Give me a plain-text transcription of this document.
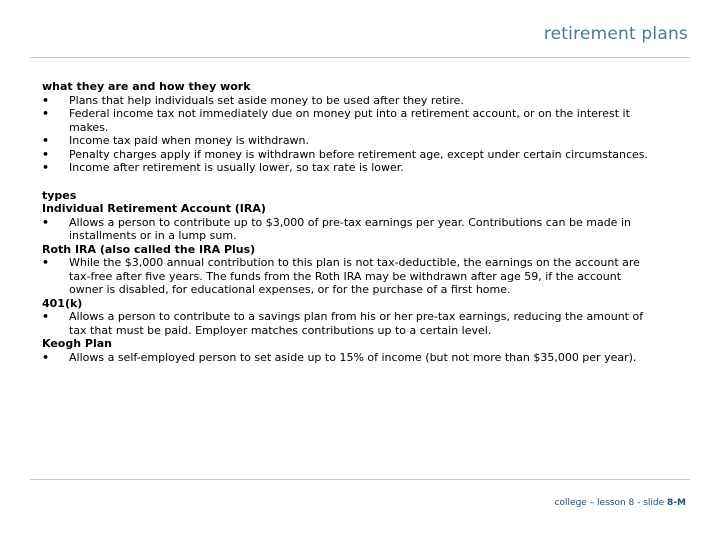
retirement plans

what they are and how they work

• Plans that help individuals set aside money to be used after they retire.
• Federal income tax not immediately due on money put into a retirement account, or on the interest it makes.
• Income tax paid when money is withdrawn.
• Penalty charges apply if money is withdrawn before retirement age, except under certain circumstances.
• Income after retirement is usually lower, so tax rate is lower.

types

Individual Retirement Account (IRA)

• Allows a person to contribute up to $3,000 of pre-tax earnings per year. Contributions can be made in installments or in a lump sum.

Roth IRA (also called the IRA Plus)

• While the $3,000 annual contribution to this plan is not tax-deductible, the earnings on the account are tax-free after five years. The funds from the Roth IRA may be withdrawn after age 59, if the account owner is disabled, for educational expenses, or for the purchase of a first home.

401(k)

• Allows a person to contribute to a savings plan from his or her pre-tax earnings, reducing the amount of tax that must be paid. Employer matches contributions up to a certain level.

Keogh Plan

• Allows a self-employed person to set aside up to 15% of income (but not more than $35,000 per year).
college – lesson 8 - slide 8-M
